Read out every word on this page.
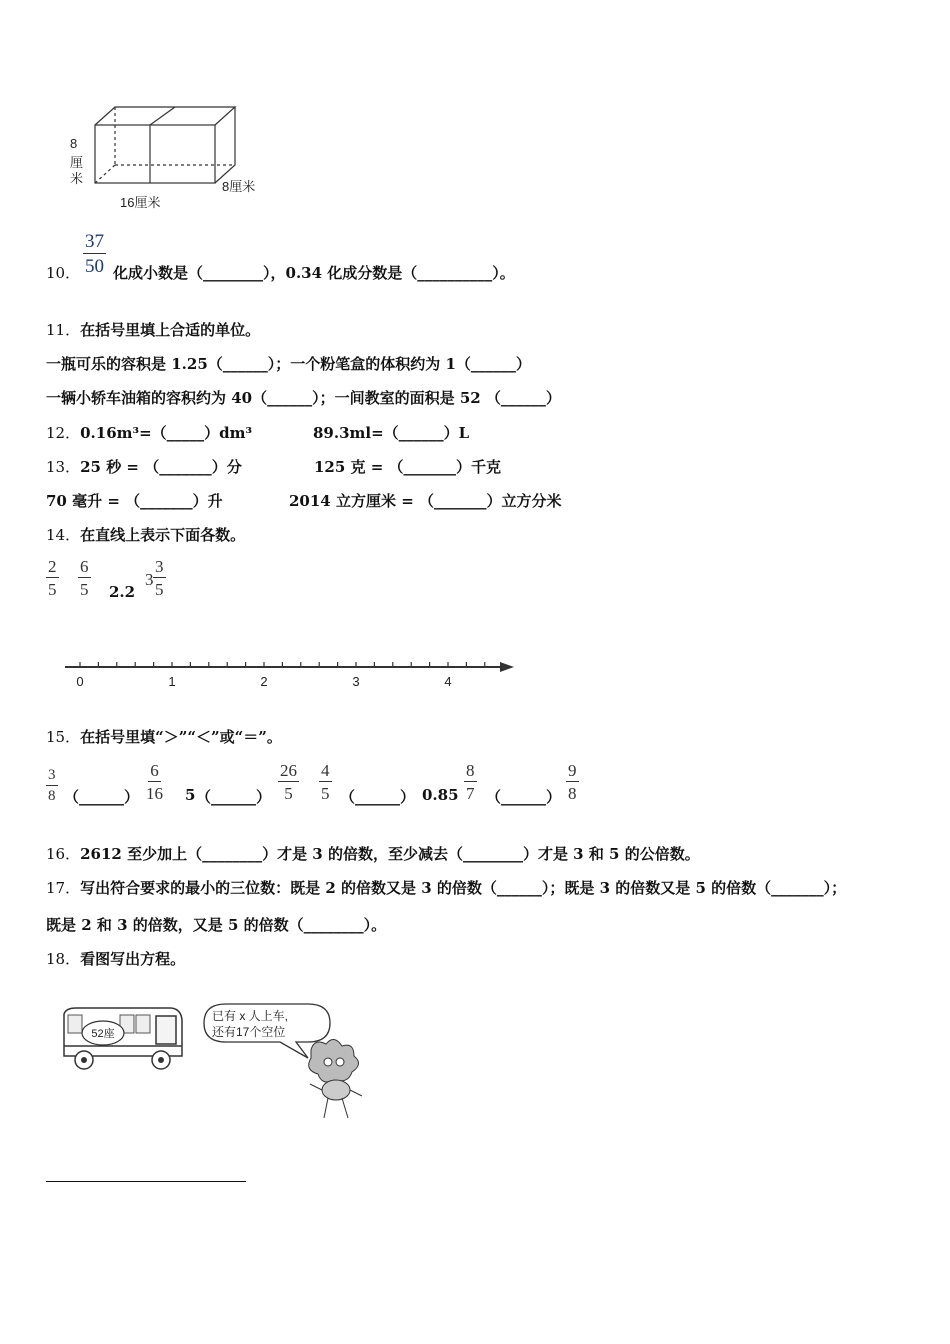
8
厘
米
16厘米
8厘米
10． $\frac{37}{50}$ 化成小数是（________），0.34 化成分数是（__________）。
11．在括号里填上合适的单位。
一瓶可乐的容积是 1.25（______）；一个粉笔盒的体积约为 1（______）
一辆小轿车油箱的容积约为 40（______）；一间教室的面积是 52 （______）
12．0.16m³=（_____）dm³	89.3ml=（______）L
13．25 秒 = （_______）分	125 克 = （_______）千克
70 毫升 = （_______）升	2014 立方厘米 = （_______）立方分米
14．在直线上表示下面各数。
$\frac{2}{5} \frac{6}{5} 2.2$
$3 \frac{3}{5}$
0	1	2	3	4
15．在括号里填“＞”“＜”或“＝”。
$\frac{3}{8}$ （______） $\frac{6}{16} 5$ （______） $\frac{26}{5} \frac{4}{5}$ （______） $0.85 \frac{8}{7}$ （______） $\frac{9}{8}$
16．2612 至少加上（________）才是 3 的倍数，至少减去（________）才是 3 和 5 的公倍数。
17．写出符合要求的最小的三位数：既是 2 的倍数又是 3 的倍数（______）；既是 3 的倍数又是 5 的倍数（_______）；
既是 2 和 3 的倍数，又是 5 的倍数（________）。
18．看图写出方程。
52座
已有 x 人上车,
还有17个空位
